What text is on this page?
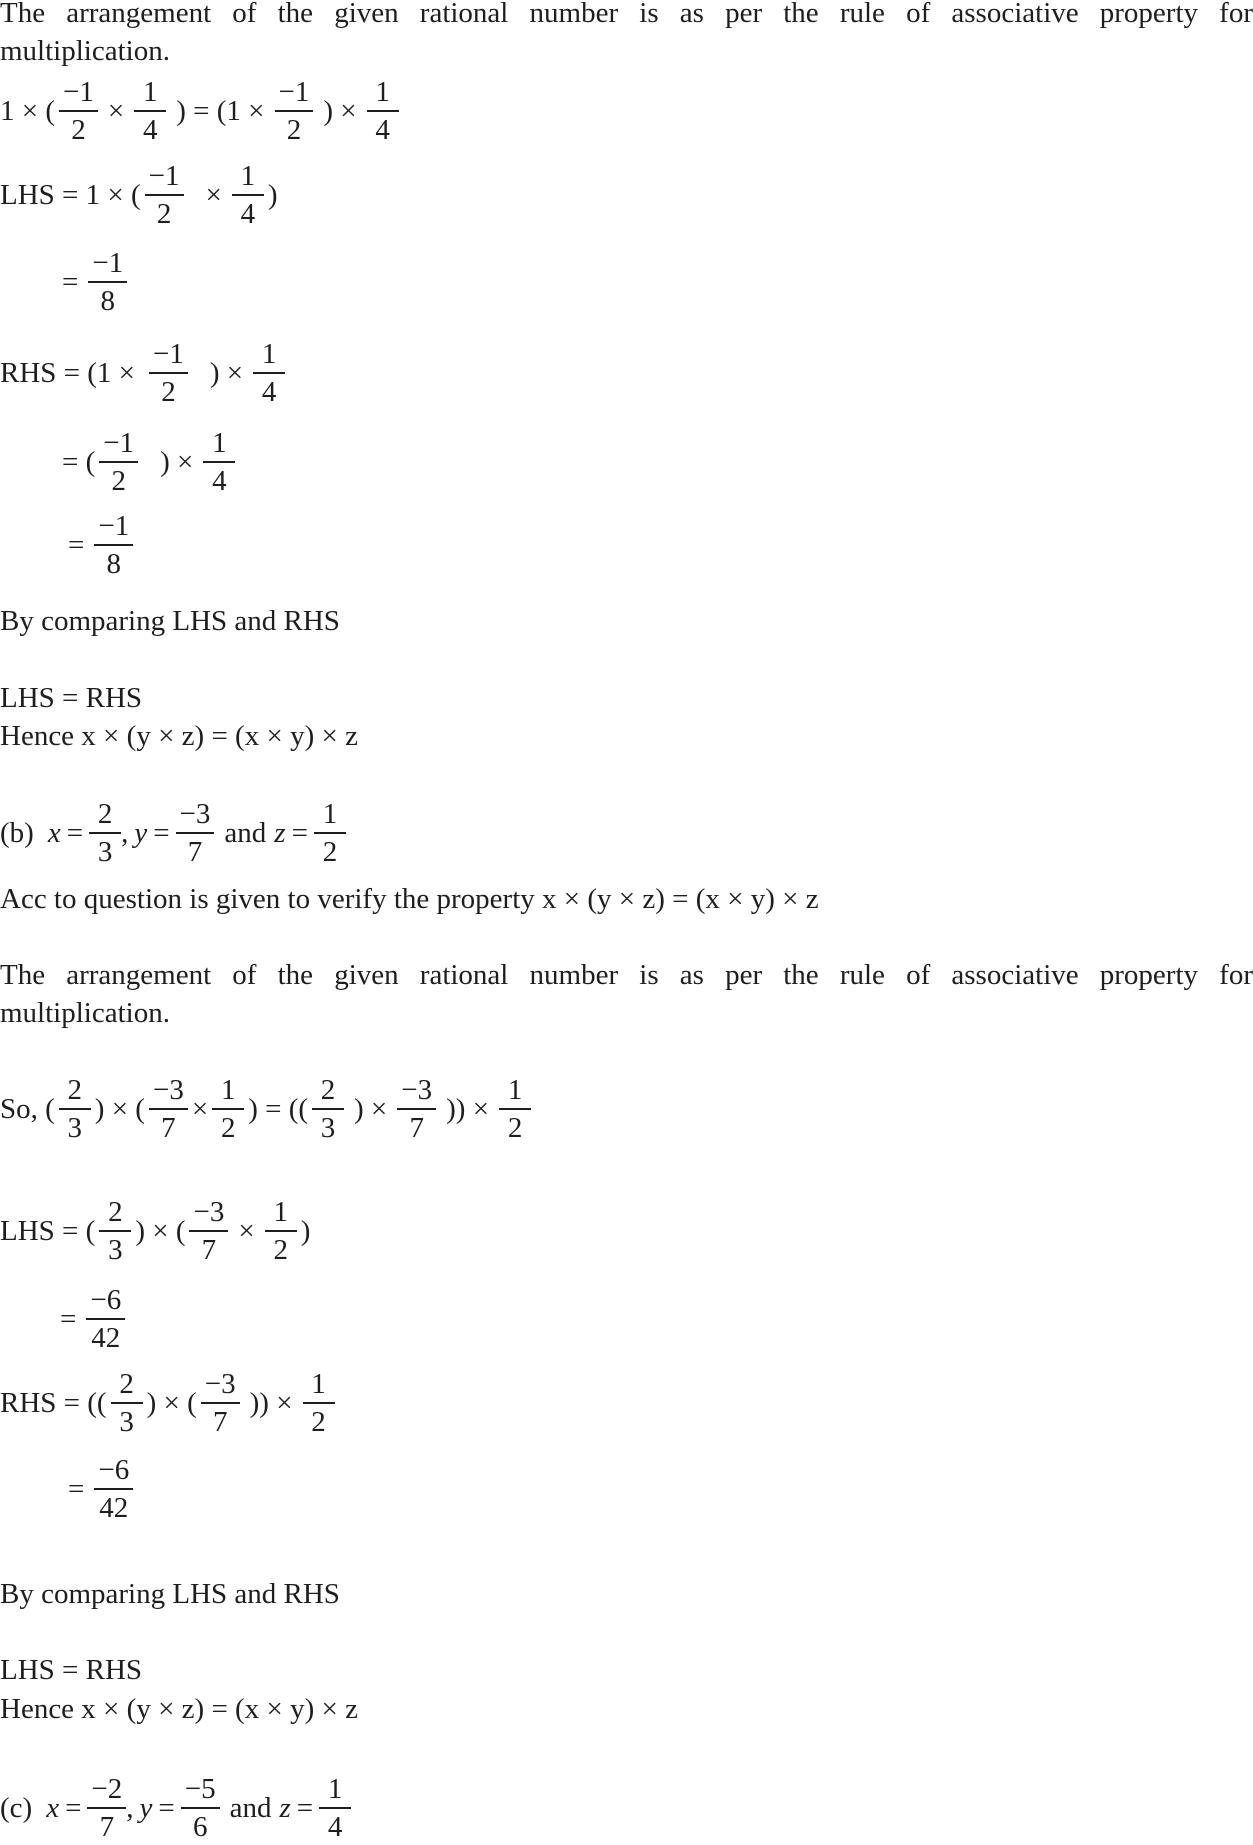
The arrangement of the given rational number is as per the rule of associative property for
multiplication.
1 × ( $\frac{-1}{2} \times \frac{1}{4}$ ) = ($1 \times \frac{-1}{2}$ ) × $\frac{1}{4}$
LHS = 1 × ( $\frac{-1}{2} \times \frac{1}{4}$ )
= $\frac{-1}{8}$
RHS = ($1 \times \frac{-1}{2}$ ) × $\frac{1}{4}$
= ( $\frac{-1}{2}$ ) × $\frac{1}{4}$
= $\frac{-1}{8}$
By comparing LHS and RHS
LHS = RHS
Hence x × (y × z) = (x × y) × z
(b) $x = \frac{2}{3}$ , $y = \frac{-3}{7}$ and $z = \frac{1}{2}$
Acc to question is given to verify the property x × (y × z) = (x × y) × z
The arrangement of the given rational number is as per the rule of associative property for
multiplication.
So, ( $\frac{2}{3}$ ) × ( $\frac{-3}{7} \times \frac{1}{2}$ ) = (( $\frac{2}{3}$ ) × $\frac{-3}{7}$ )) × $\frac{1}{2}$
LHS = ( $\frac{2}{3}$ ) × ( $\frac{-3}{7} \times \frac{1}{2}$ )
= $\frac{-6}{42}$
RHS = (( $\frac{2}{3}$ ) × ( $\frac{-3}{7}$ )) × $\frac{1}{2}$
= $\frac{-6}{42}$
By comparing LHS and RHS
LHS = RHS
Hence x × (y × z) = (x × y) × z
(c) $x = \frac{-2}{7}$ , $y = \frac{-5}{6}$ and $z = \frac{1}{4}$
